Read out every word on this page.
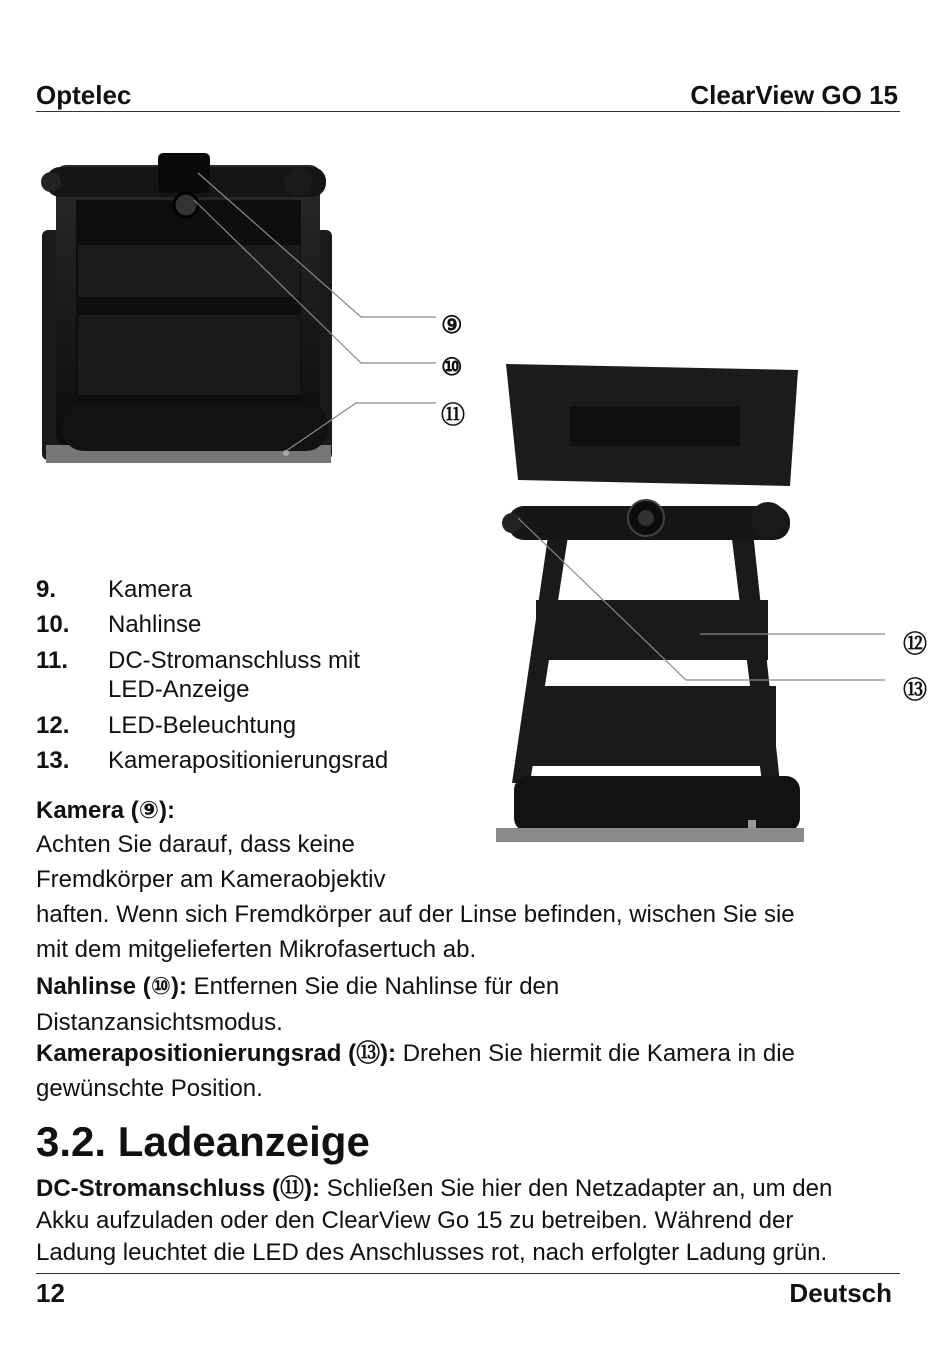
Optelec	ClearView GO 15
⑨
⑩
⑪
⑫
⑬
9. Kamera
10. Nahlinse
11. DC-Stromanschluss mit
LED-Anzeige
12. LED-Beleuchtung
13. Kamerapositionierungsrad
Kamera (⑨):
Achten Sie darauf, dass keine
Fremdkörper am Kameraobjektiv
haften. Wenn sich Fremdkörper auf der Linse befinden, wischen Sie sie
mit dem mitgelieferten Mikrofasertuch ab.
Nahlinse (⑩): Entfernen Sie die Nahlinse für den
Distanzansichtsmodus.
Kamerapositionierungsrad (⑬): Drehen Sie hiermit die Kamera in die
gewünschte Position.
3.2. Ladeanzeige
DC-Stromanschluss (⑪): Schließen Sie hier den Netzadapter an, um den
Akku aufzuladen oder den ClearView Go 15 zu betreiben. Während der
Ladung leuchtet die LED des Anschlusses rot, nach erfolgter Ladung grün.
12	Deutsch
